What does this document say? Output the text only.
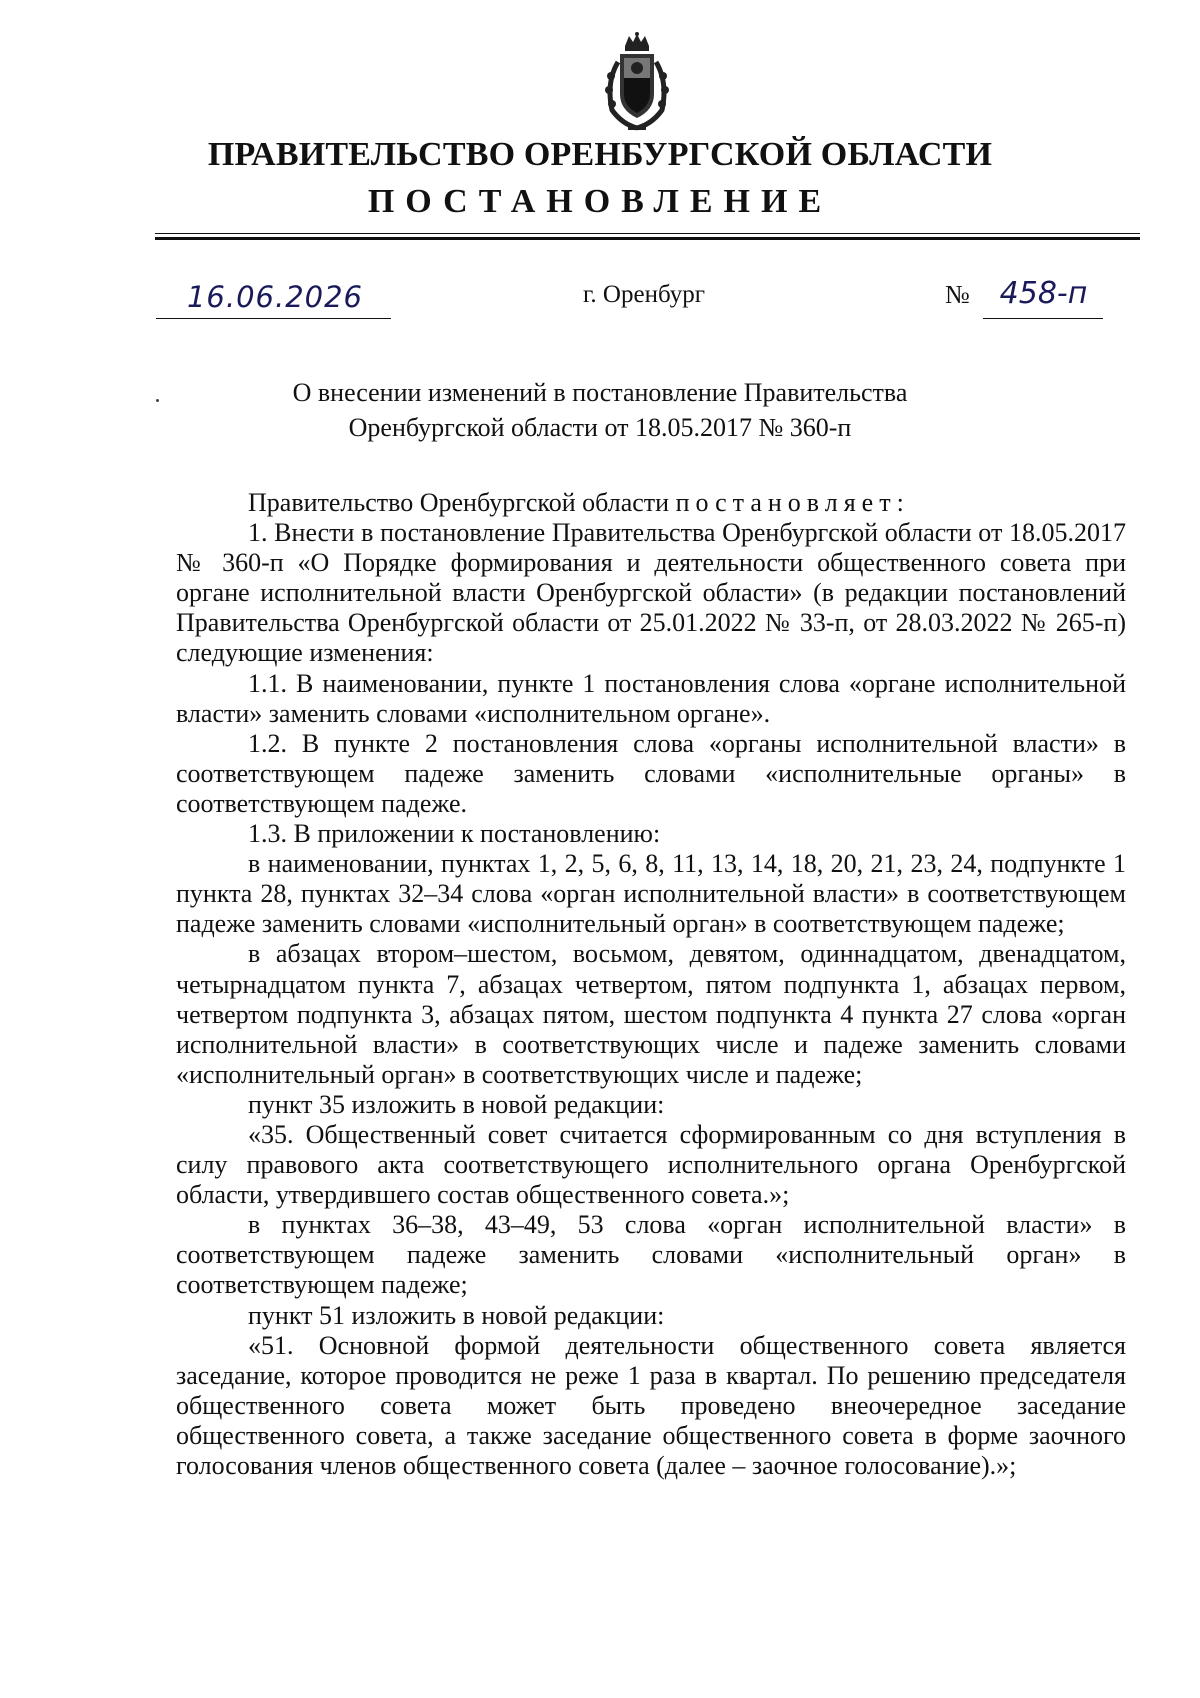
ПРАВИТЕЛЬСТВО ОРЕНБУРГСКОЙ ОБЛАСТИ
ПОСТАНОВЛЕНИЕ
16.06.2026	г. Оренбург	№ 458-п
О внесении изменений в постановление Правительства
Оренбургской области от 18.05.2017 № 360-п

Правительство Оренбургской области постановляет:

1. Внести в постановление Правительства Оренбургской области от 18.05.2017 № 360-п «О Порядке формирования и деятельности общественного совета при органе исполнительной власти Оренбургской области» (в редакции постановлений Правительства Оренбургской области от 25.01.2022 № 33-п, от 28.03.2022 № 265-п) следующие изменения:

1.1. В наименовании, пункте 1 постановления слова «органе исполнительной власти» заменить словами «исполнительном органе».

1.2. В пункте 2 постановления слова «органы исполнительной власти» в соответствующем падеже заменить словами «исполнительные органы» в соответствующем падеже.

1.3. В приложении к постановлению:

в наименовании, пунктах 1, 2, 5, 6, 8, 11, 13, 14, 18, 20, 21, 23, 24, подпункте 1 пункта 28, пунктах 32–34 слова «орган исполнительной власти» в соответствующем падеже заменить словами «исполнительный орган» в соответствующем падеже;

в абзацах втором–шестом, восьмом, девятом, одиннадцатом, двенадцатом, четырнадцатом пункта 7, абзацах четвертом, пятом подпункта 1, абзацах первом, четвертом подпункта 3, абзацах пятом, шестом подпункта 4 пункта 27 слова «орган исполнительной власти» в соответствующих числе и падеже заменить словами «исполнительный орган» в соответствующих числе и падеже;

пункт 35 изложить в новой редакции:

«35. Общественный совет считается сформированным со дня вступления в силу правового акта соответствующего исполнительного органа Оренбургской области, утвердившего состав общественного совета.»;

в пунктах 36–38, 43–49, 53 слова «орган исполнительной власти» в соответствующем падеже заменить словами «исполнительный орган» в соответствующем падеже;

пункт 51 изложить в новой редакции:

«51. Основной формой деятельности общественного совета является заседание, которое проводится не реже 1 раза в квартал. По решению председателя общественного совета может быть проведено внеочередное заседание общественного совета, а также заседание общественного совета в форме заочного голосования членов общественного совета (далее – заочное голосование).»;
